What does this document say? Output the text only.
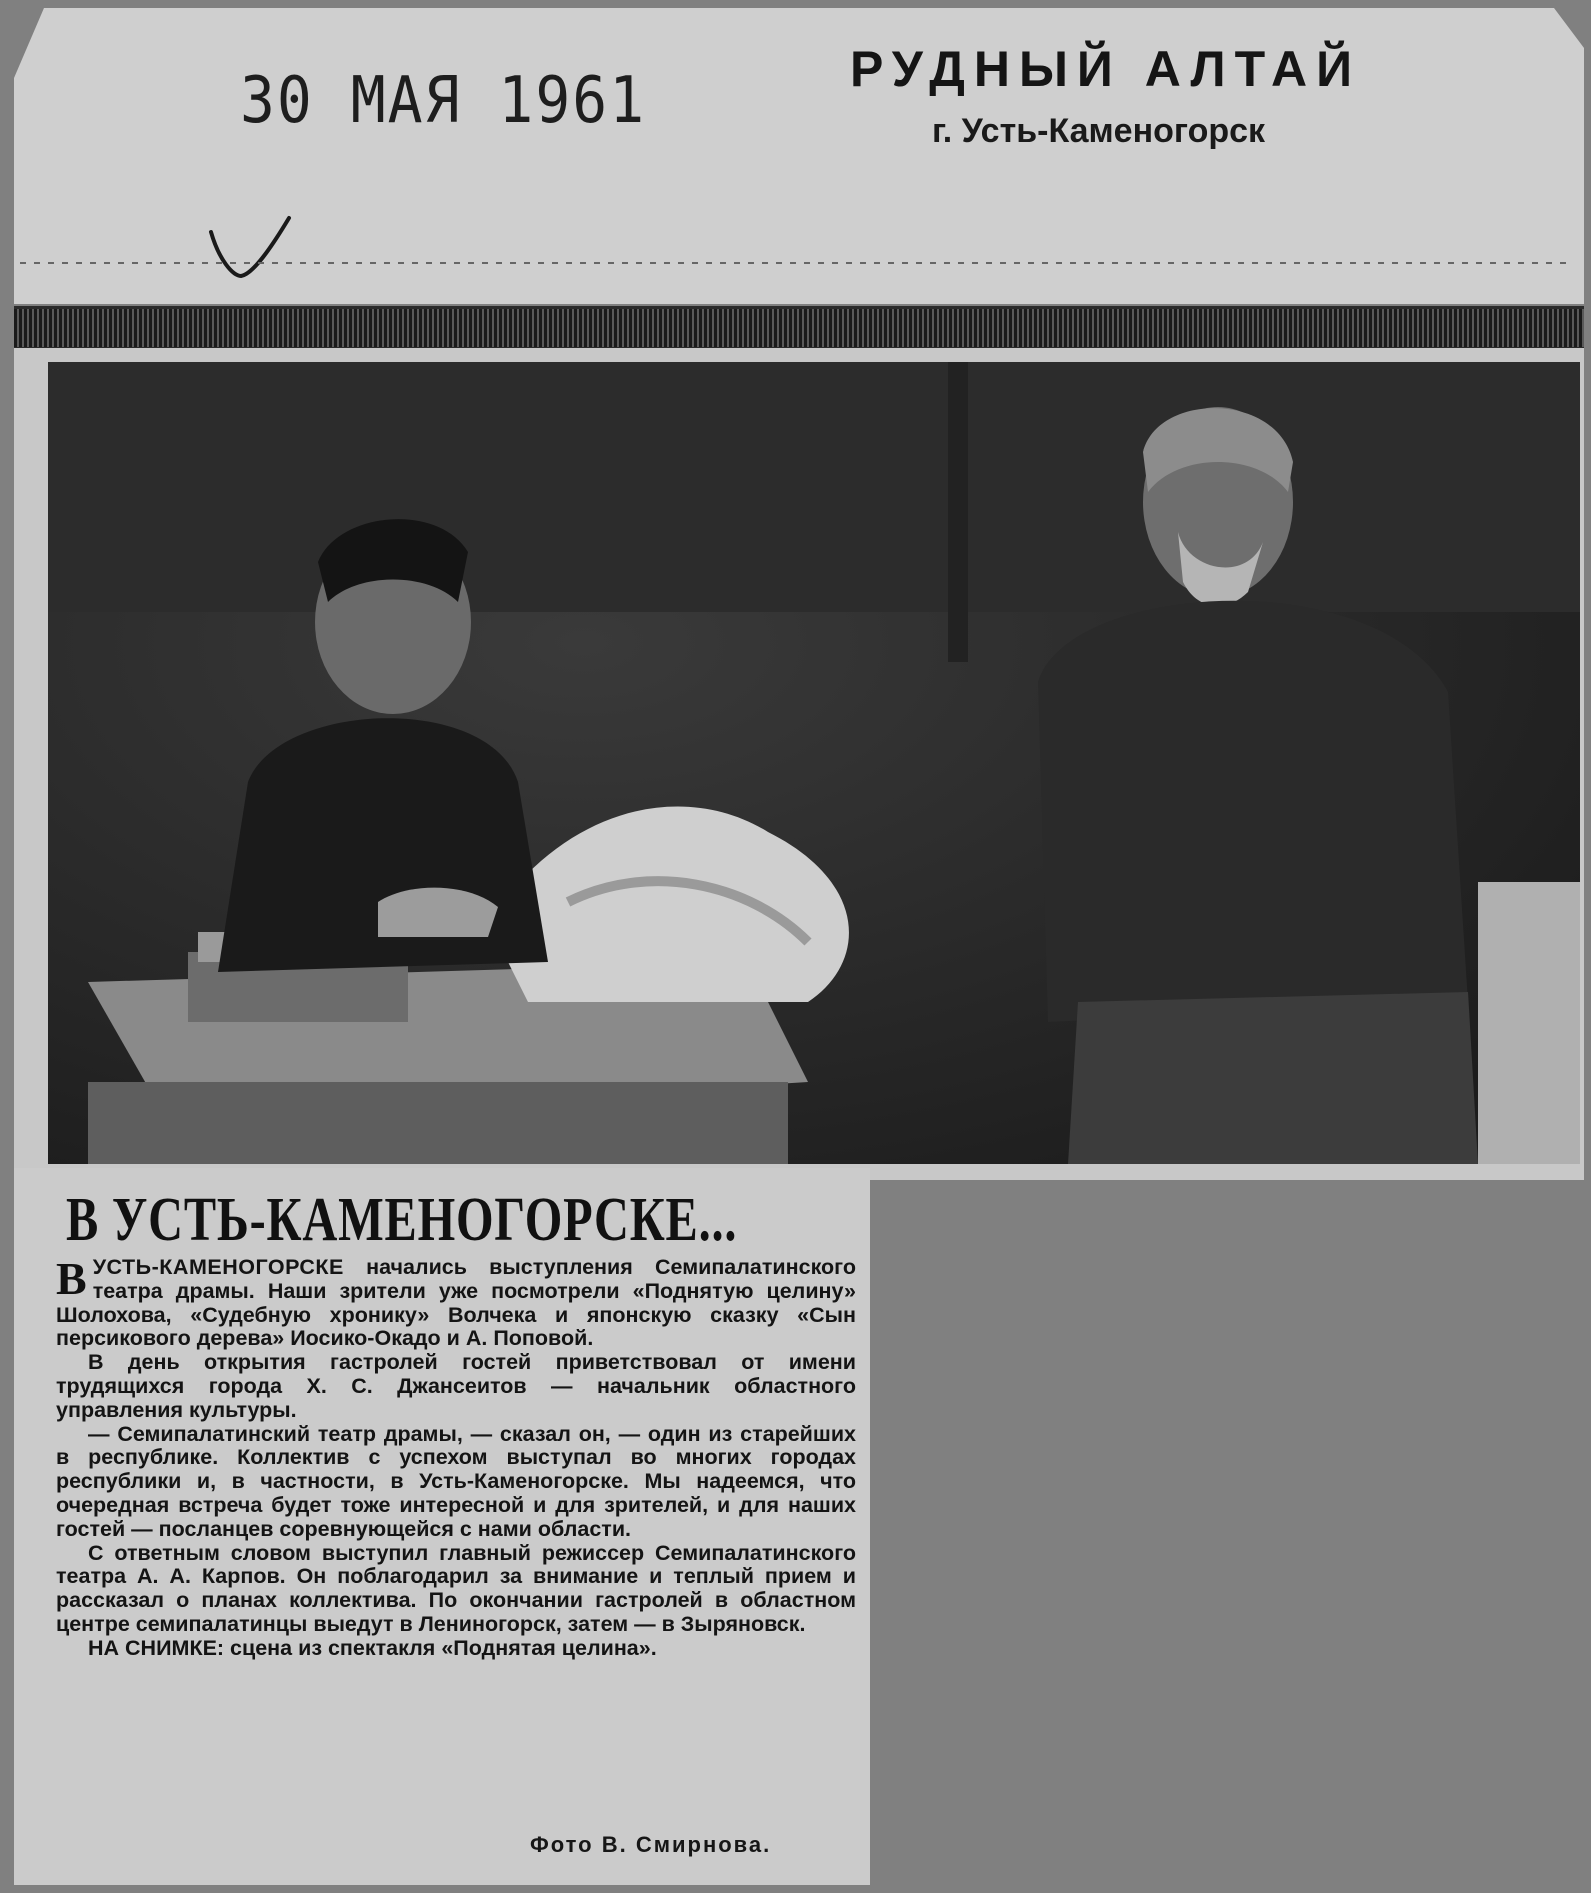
30 МАЯ 1961	РУДНЫЙ АЛТАЙ
г. Усть-Каменогорск
В УСТЬ-КАМЕНОГОРСКЕ...

ВУСТЬ-КАМЕНОГОРСКЕ начались выступления Семипалатинского театра драмы. Наши зрители уже посмотрели «Поднятую целину» Шолохова, «Судебную хронику» Волчека и японскую сказку «Сын персикового дерева» Иосико-Окадо и А. Поповой.

В день открытия гастролей гостей приветствовал от имени трудящихся города Х. С. Джансеитов — начальник областного управления культуры.

— Семипалатинский театр драмы, — сказал он, — один из старейших в республике. Коллектив с успехом выступал во многих городах республики и, в частности, в Усть-Каменогорске. Мы надеемся, что очередная встреча будет тоже интересной и для зрителей, и для наших гостей — посланцев соревнующейся с нами области.

С ответным словом выступил главный режиссер Семипалатинского театра А. А. Карпов. Он поблагодарил за внимание и теплый прием и рассказал о планах коллектива. По окончании гастролей в областном центре семипалатинцы выедут в Лениногорск, затем — в Зыряновск.

НА СНИМКЕ: сцена из спектакля «Поднятая целина».

Фото В. Смирнова.
